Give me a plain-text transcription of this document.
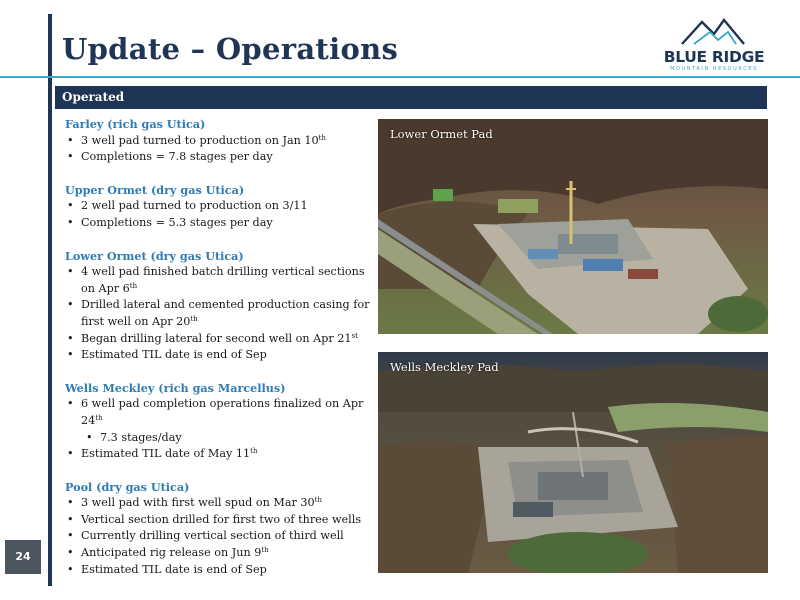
Update – Operations	BLUE RIDGE
MOUNTAIN RESOURCES
Operated
Farley (rich gas Utica)
• 3 well pad turned to production on Jan 10th
• Completions = 7.8 stages per day
Upper Ormet (dry gas Utica)
• 2 well pad turned to production on 3/11
• Completions = 5.3 stages per day
Lower Ormet (dry gas Utica)
• 4 well pad finished batch drilling vertical sections on Apr 6th
• Drilled lateral and cemented production casing for first well on Apr 20th
• Began drilling lateral for second well on Apr 21st
• Estimated TIL date is end of Sep
Wells Meckley (rich gas Marcellus)
• 6 well pad completion operations finalized on Apr 24th
• 7.3 stages/day
• Estimated TIL date of May 11th
Pool (dry gas Utica)
• 3 well pad with first well spud on Mar 30th
• Vertical section drilled for first two of three wells
• Currently drilling vertical section of third well
• Anticipated rig release on Jun 9th
• Estimated TIL date is end of Sep
Lower Ormet Pad
Wells Meckley Pad
24
